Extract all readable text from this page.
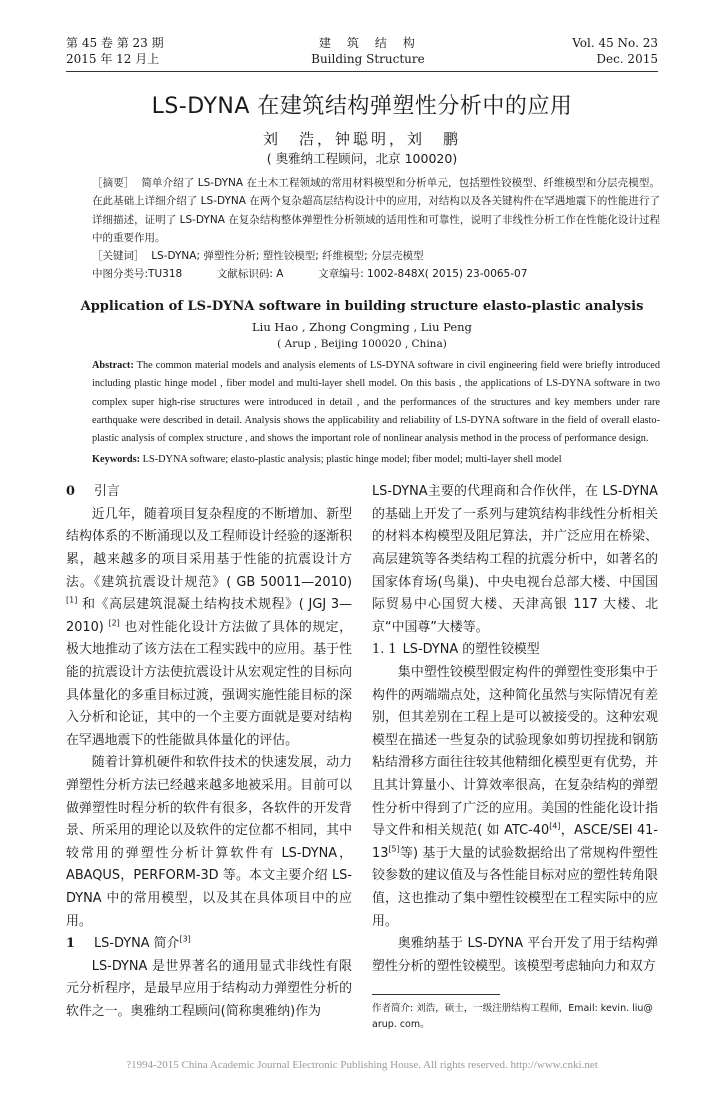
第 45 卷 第 23 期
2015 年 12 月上
建　筑　结　构
Building Structure
Vol. 45 No. 23
Dec. 2015
LS-DYNA 在建筑结构弹塑性分析中的应用
刘　浩，钟聪明，刘　鹏
( 奥雅纳工程顾问，北京 100020)
［摘要］ 简单介绍了 LS-DYNA 在土木工程领域的常用材料模型和分析单元，包括塑性铰模型、纤维模型和分层壳模型。在此基础上详细介绍了 LS-DYNA 在两个复杂超高层结构设计中的应用，对结构以及各关键构件在罕遇地震下的性能进行了详细描述，证明了 LS-DYNA 在复杂结构整体弹塑性分析领域的适用性和可靠性，说明了非线性分析工作在性能化设计过程中的重要作用。
［关键词］ LS-DYNA; 弹塑性分析; 塑性铰模型; 纤维模型; 分层壳模型
中图分类号:TU318	文献标识码: A	文章编号: 1002-848X( 2015) 23-0065-07
Application of LS-DYNA software in building structure elasto-plastic analysis
Liu Hao , Zhong Congming , Liu Peng
( Arup , Beijing 100020 , China)
Abstract: The common material models and analysis elements of LS-DYNA software in civil engineering field were briefly introduced including plastic hinge model , fiber model and multi-layer shell model. On this basis , the applications of LS-DYNA software in two complex super high-rise structures were introduced in detail , and the performances of the structures and key members under rare earthquake were described in detail. Analysis shows the applicability and reliability of LS-DYNA software in the field of overall elasto-plastic analysis of complex structure , and shows the important role of nonlinear analysis method in the process of performance design.
Keywords: LS-DYNA software; elasto-plastic analysis; plastic hinge model; fiber model; multi-layer shell model

0 引言

近几年，随着项目复杂程度的不断增加、新型结构体系的不断涌现以及工程师设计经验的逐渐积累，越来越多的项目采用基于性能的抗震设计方法。《建筑抗震设计规范》( GB 50011—2010) [1] 和《高层建筑混凝土结构技术规程》( JGJ 3—2010) [2] 也对性能化设计方法做了具体的规定，极大地推动了该方法在工程实践中的应用。基于性能的抗震设计方法使抗震设计从宏观定性的目标向具体量化的多重目标过渡，强调实施性能目标的深入分析和论证，其中的一个主要方面就是要对结构在罕遇地震下的性能做具体量化的评估。

随着计算机硬件和软件技术的快速发展，动力弹塑性分析方法已经越来越多地被采用。目前可以做弹塑性时程分析的软件有很多，各软件的开发背景、所采用的理论以及软件的定位都不相同，其中较常用的弹塑性分析计算软件有 LS-DYNA，ABAQUS，PERFORM-3D 等。本文主要介绍 LS-DYNA 中的常用模型，以及其在具体项目中的应用。

1 LS-DYNA 简介[3]

LS-DYNA 是世界著名的通用显式非线性有限元分析程序，是最早应用于结构动力弹塑性分析的软件之一。奥雅纳工程顾问(简称奥雅纳)作为

LS-DYNA主要的代理商和合作伙伴，在 LS-DYNA 的基础上开发了一系列与建筑结构非线性分析相关的材料本构模型及阻尼算法，并广泛应用在桥梁、高层建筑等各类结构工程的抗震分析中，如著名的国家体育场(鸟巢)、中央电视台总部大楼、中国国际贸易中心国贸大楼、天津高银 117 大楼、北京“中国尊”大楼等。

1. 1 LS-DYNA 的塑性铰模型

集中塑性铰模型假定构件的弹塑性变形集中于构件的两端端点处，这种简化虽然与实际情况有差别，但其差别在工程上是可以被接受的。这种宏观模型在描述一些复杂的试验现象如剪切捏拢和钢筋粘结滑移方面往往较其他精细化模型更有优势，并且其计算量小、计算效率很高，在复杂结构的弹塑性分析中得到了广泛的应用。美国的性能化设计指导文件和相关规范( 如 ATC-40[4]，ASCE/SEI 41-13[5]等) 基于大量的试验数据给出了常规构件塑性铰参数的建议值及与各性能目标对应的塑性转角限值，这也推动了集中塑性铰模型在工程实际中的应用。

奥雅纳基于 LS-DYNA 平台开发了用于结构弹塑性分析的塑性铰模型。该模型考虑轴向力和双方

作者简介: 刘浩，硕士，一级注册结构工程师，Email: kevin. liu@ arup. com。
?1994-2015 China Academic Journal Electronic Publishing House. All rights reserved. http://www.cnki.net
